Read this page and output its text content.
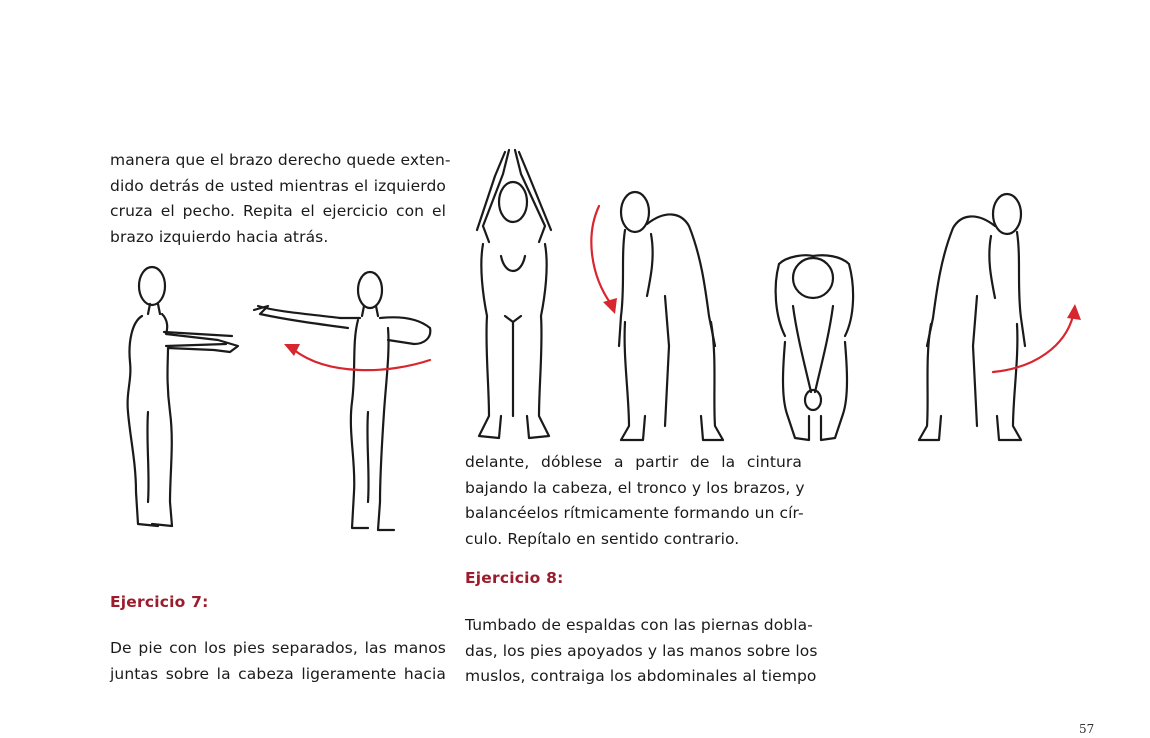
manera que el brazo derecho quede exten-
dido detrás de usted mientras el izquierdo
cruza el pecho. Repita el ejercicio con el
brazo izquierdo hacia atrás.
delante, dóblese a partir de la cintura
bajando la cabeza, el tronco y los brazos, y
balancéelos rítmicamente formando un cír-
culo. Repítalo en sentido contrario.
Ejercicio 8:
Tumbado de espaldas con las piernas dobla-
das, los pies apoyados y las manos sobre los
muslos, contraiga los abdominales al tiempo
Ejercicio 7:
De pie con los pies separados, las manos
juntas sobre la cabeza ligeramente hacia
57
